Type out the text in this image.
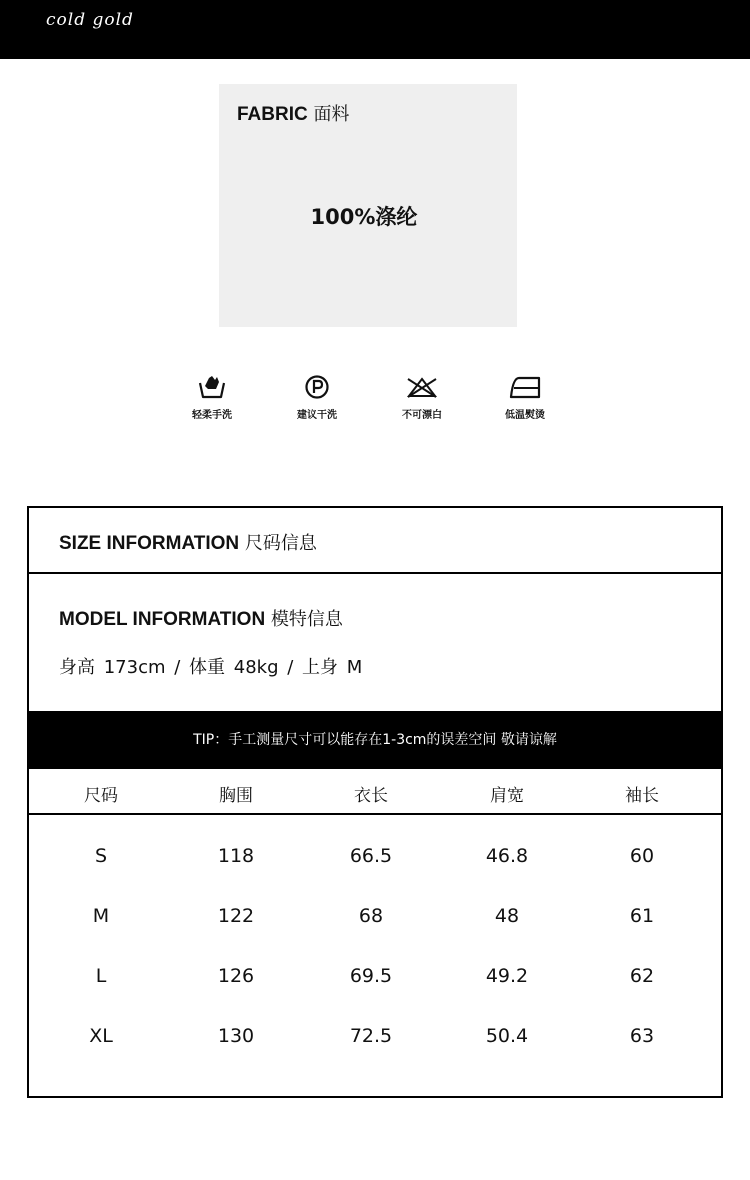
cold gold
FABRIC 面料
100%涤纶
轻柔手洗	建议干洗	不可漂白	低温熨烫
SIZE INFORMATION 尺码信息
MODEL INFORMATION 模特信息
身高 173cm / 体重 48kg / 上身 M
TIP：手工测量尺寸可以能存在1-3cm的误差空间 敬请谅解
尺码	胸围	衣长	肩宽	袖长
S	118	66.5	46.8	60
M	122	68	48	61
L	126	69.5	49.2	62
XL	130	72.5	50.4	63
